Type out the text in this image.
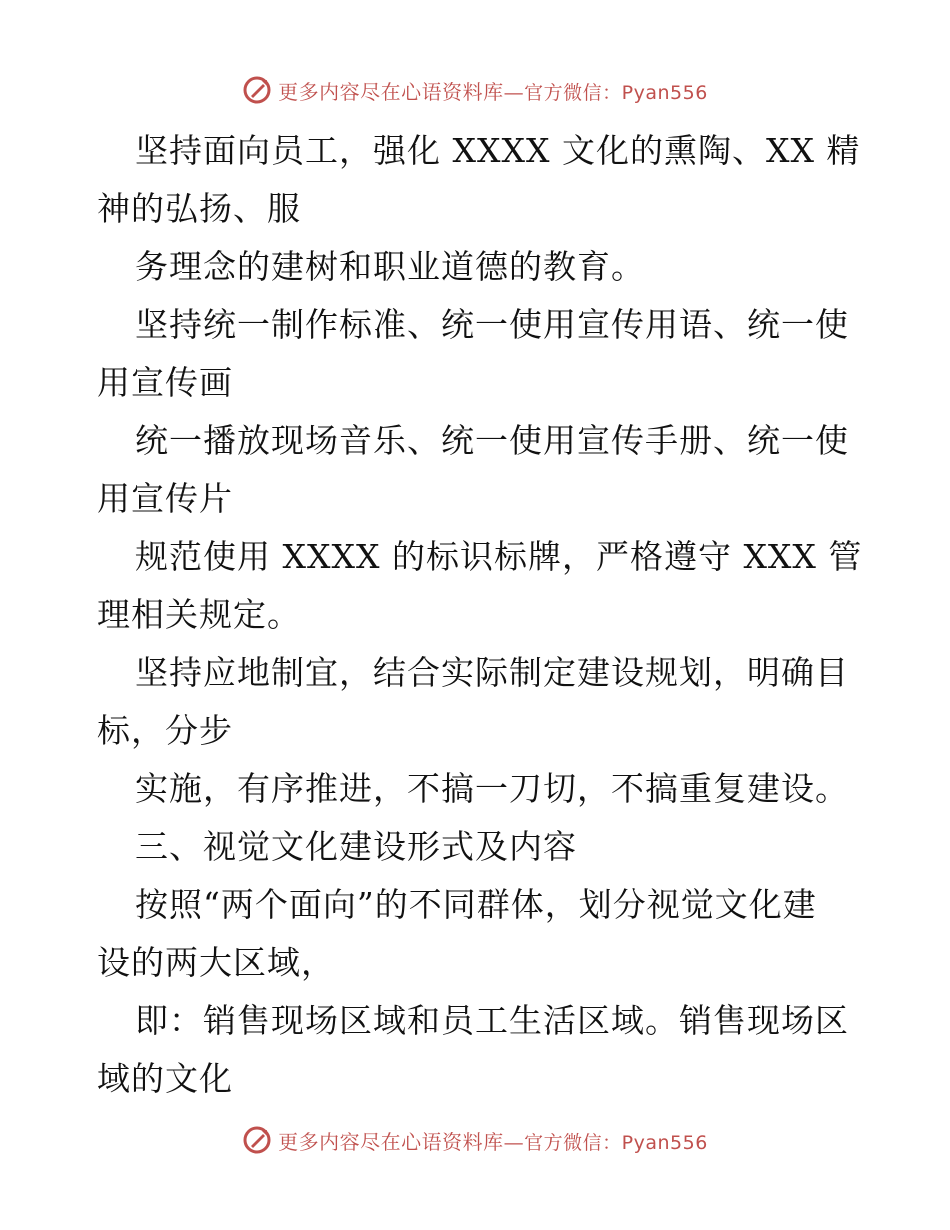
更多内容尽在心语资料库—官方微信：Pyan556
坚持面向员工，强化 XXXX 文化的熏陶、XX 精
神的弘扬、服
务理念的建树和职业道德的教育。
坚持统一制作标准、统一使用宣传用语、统一使
用宣传画
统一播放现场音乐、统一使用宣传手册、统一使
用宣传片
规范使用 XXXX 的标识标牌，严格遵守 XXX 管
理相关规定。
坚持应地制宜，结合实际制定建设规划，明确目
标，分步
实施，有序推进，不搞一刀切，不搞重复建设。
三、视觉文化建设形式及内容
按照“两个面向”的不同群体，划分视觉文化建
设的两大区域，
即：销售现场区域和员工生活区域。销售现场区
域的文化
更多内容尽在心语资料库—官方微信：Pyan556
